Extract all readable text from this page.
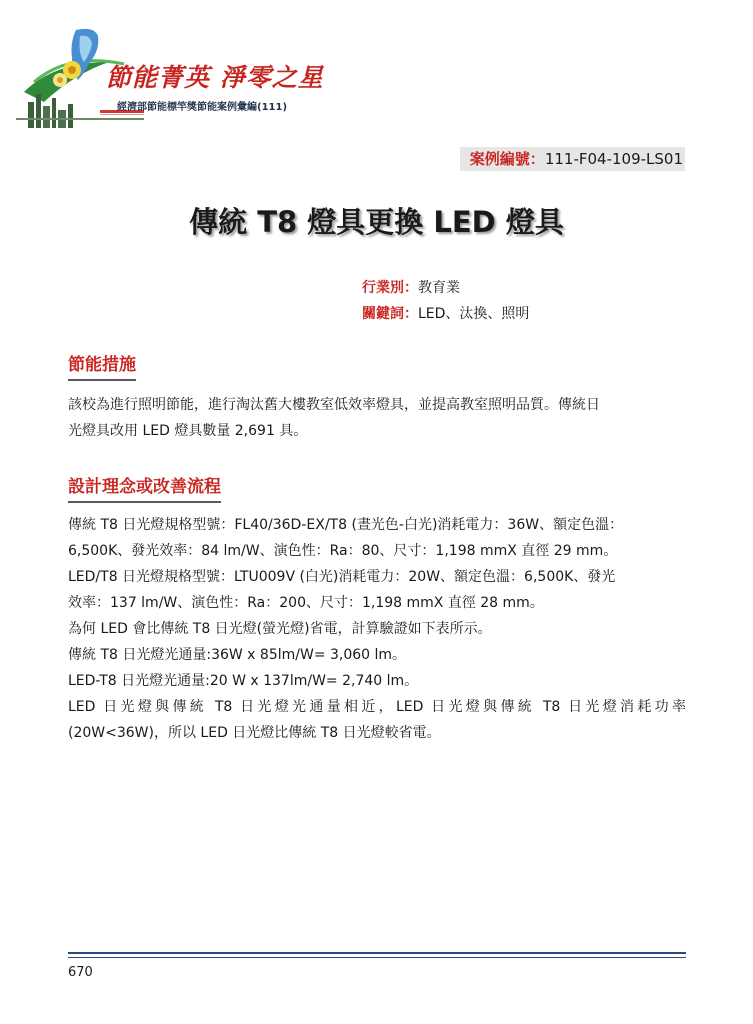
節能菁英 淨零之星
經濟部節能標竿獎節能案例彙編(111)
案例編號：111-F04-109-LS01
傳統 T8 燈具更換 LED 燈具
行業別：教育業
關鍵詞：LED、汰換、照明
節能措施

該校為進行照明節能，進行淘汰舊大樓教室低效率燈具，並提高教室照明品質。傳統日

光燈具改用 LED 燈具數量 2,691 具。

設計理念或改善流程

傳統 T8 日光燈規格型號：FL40/36D-EX/T8 (晝光色-白光)消耗電力：36W、額定色溫：

6,500K、發光效率：84 lm/W、演色性：Ra：80、尺寸：1,198 mmX 直徑 29 mm。

LED/T8 日光燈規格型號：LTU009V (白光)消耗電力：20W、額定色溫：6,500K、發光

效率：137 lm/W、演色性：Ra：200、尺寸：1,198 mmX 直徑 28 mm。

為何 LED 會比傳統 T8 日光燈(螢光燈)省電，計算驗證如下表所示。

傳統 T8 日光燈光通量:36W x 85lm/W= 3,060 lm。

LED-T8 日光燈光通量:20 W x 137lm/W= 2,740 lm。

LED 日光燈與傳統 T8 日光燈光通量相近，LED 日光燈與傳統 T8 日光燈消耗功率

(20W<36W)，所以 LED 日光燈比傳統 T8 日光燈較省電。

670
